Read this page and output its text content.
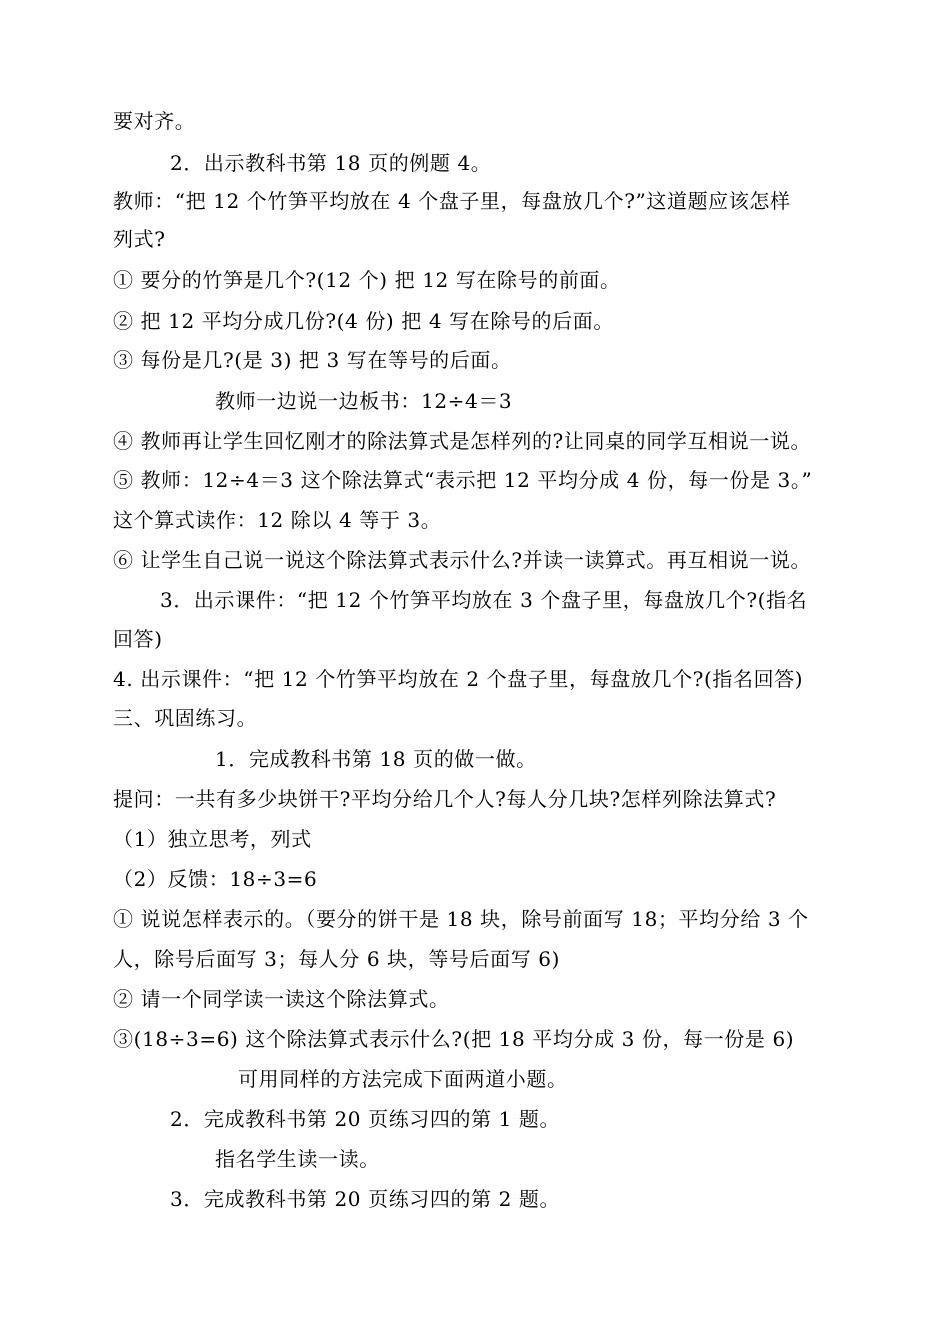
要对齐。
2．出示教科书第 18 页的例题 4。
教师：“把 12 个竹笋平均放在 4 个盘子里，每盘放几个?”这道题应该怎样
列式?
① 要分的竹笋是几个?(12 个) 把 12 写在除号的前面。
② 把 12 平均分成几份?(4 份) 把 4 写在除号的后面。
③ 每份是几?(是 3) 把 3 写在等号的后面。
教师一边说一边板书：12÷4＝3
④ 教师再让学生回忆刚才的除法算式是怎样列的?让同桌的同学互相说一说。
⑤ 教师：12÷4＝3 这个除法算式“表示把 12 平均分成 4 份，每一份是 3。”
这个算式读作：12 除以 4 等于 3。
⑥ 让学生自己说一说这个除法算式表示什么?并读一读算式。再互相说一说。
3．出示课件：“把 12 个竹笋平均放在 3 个盘子里，每盘放几个?(指名
回答)
4. 出示课件：“把 12 个竹笋平均放在 2 个盘子里，每盘放几个?(指名回答)
三、巩固练习。
1．完成教科书第 18 页的做一做。
提问：一共有多少块饼干?平均分给几个人?每人分几块?怎样列除法算式?
（1）独立思考，列式
（2）反馈：18÷3=6
① 说说怎样表示的。（要分的饼干是 18 块，除号前面写 18；平均分给 3 个
人，除号后面写 3；每人分 6 块，等号后面写 6)
② 请一个同学读一读这个除法算式。
③(18÷3=6) 这个除法算式表示什么?(把 18 平均分成 3 份，每一份是 6)
可用同样的方法完成下面两道小题。
2．完成教科书第 20 页练习四的第 1 题。
指名学生读一读。
3．完成教科书第 20 页练习四的第 2 题。
